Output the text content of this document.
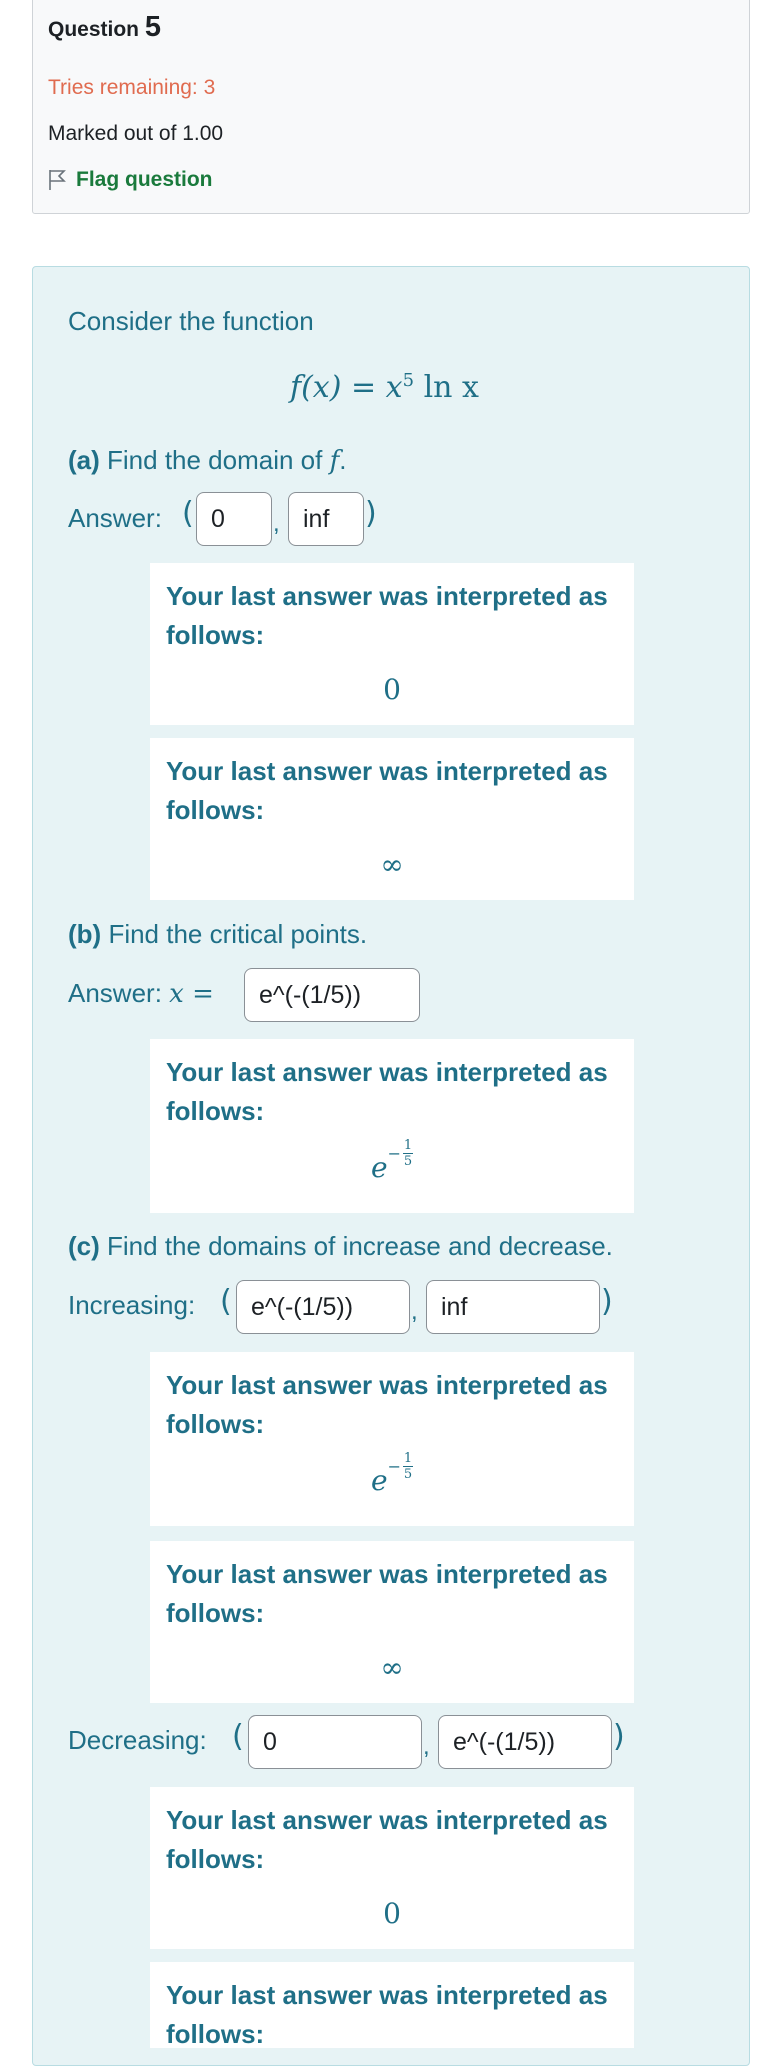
Question 5
Tries remaining: 3
Marked out of 1.00
Flag question
Consider the function
$f(x) = x^5$ ln x
(a) Find the domain of f.
Answer: ( 0	, inf	)
Your last answer was interpreted as follows:
0
Your last answer was interpreted as follows:
∞
(b) Find the critical points.
Answer: x =	e^(-(1/5))
Your last answer was interpreted as follows:
$e - \frac{1}{5}$
(c) Find the domains of increase and decrease.
Increasing: ( e^(-(1/5))	, inf	)
Your last answer was interpreted as follows:
$e - \frac{1}{5}$
Your last answer was interpreted as follows:
∞
Decreasing: ( 0	, e^(-(1/5))	)
Your last answer was interpreted as follows:
0
Your last answer was interpreted as follows:
